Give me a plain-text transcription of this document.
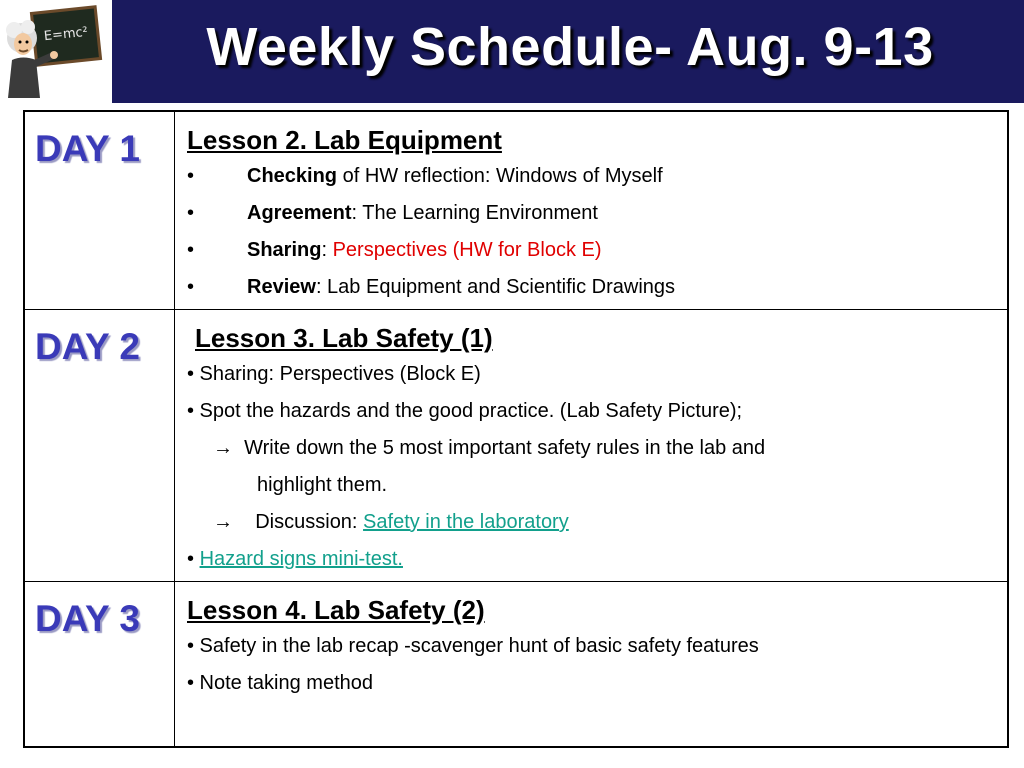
E=mc²	Weekly Schedule- Aug. 9-13
DAY 1 Lesson 2. Lab Equipment
•	Checking of HW reflection: Windows of Myself
•	Agreement: The Learning Environment
•	Sharing: Perspectives (HW for Block E)
•	Review: Lab Equipment and Scientific Drawings
DAY 2	Lesson 3. Lab Safety (1)
• Sharing: Perspectives (Block E)
• Spot the hazards and the good practice. (Lab Safety Picture);
→ Write down the 5 most important safety rules in the lab and
highlight them.
→ Discussion: Safety in the laboratory
• Hazard signs mini-test.
DAY 3 Lesson 4. Lab Safety (2)
• Safety in the lab recap -scavenger hunt of basic safety features
• Note taking method
